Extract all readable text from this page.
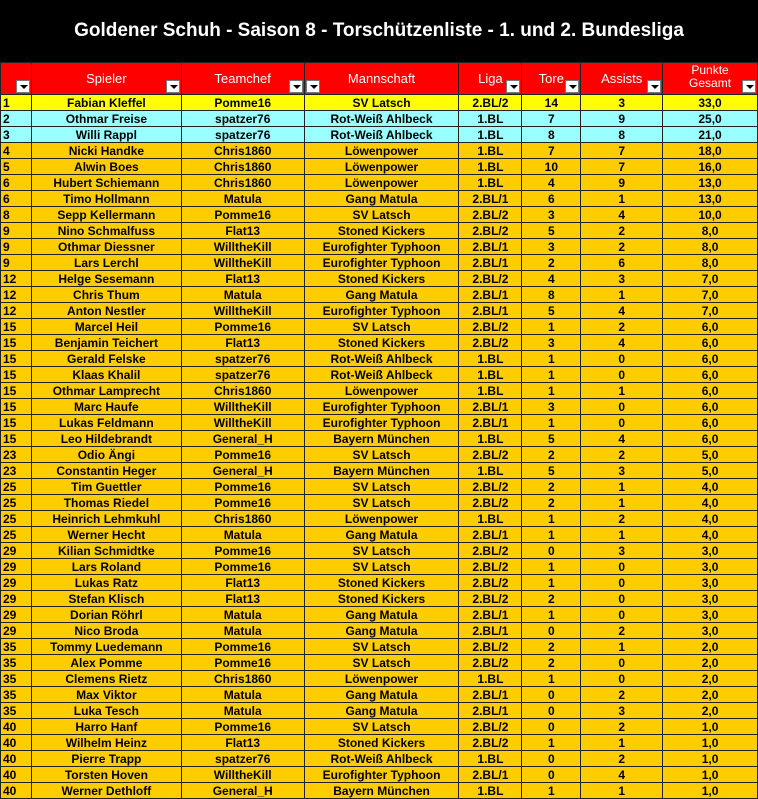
Goldener Schuh - Saison 8 - Torschützenliste - 1. und 2. Bundesliga
	Spieler	Teamchef	Mannschaft	Liga	Tore	Assists	Punkte
Gesamt

1	Fabian Kleffel	Pomme16	SV Latsch	2.BL/2	14	3	33,0
2	Othmar Freise	spatzer76	Rot-Weiß Ahlbeck	1.BL	7	9	25,0
3	Willi Rappl	spatzer76	Rot-Weiß Ahlbeck	1.BL	8	8	21,0
4	Nicki Handke	Chris1860	Löwenpower	1.BL	7	7	18,0
5	Alwin Boes	Chris1860	Löwenpower	1.BL	10	7	16,0
6	Hubert Schiemann	Chris1860	Löwenpower	1.BL	4	9	13,0
6	Timo Hollmann	Matula	Gang Matula	2.BL/1	6	1	13,0
8	Sepp Kellermann	Pomme16	SV Latsch	2.BL/2	3	4	10,0
9	Nino Schmalfuss	Flat13	Stoned Kickers	2.BL/2	5	2	8,0
9	Othmar Diessner	WilltheKill	Eurofighter Typhoon	2.BL/1	3	2	8,0
9	Lars Lerchl	WilltheKill	Eurofighter Typhoon	2.BL/1	2	6	8,0
12	Helge Sesemann	Flat13	Stoned Kickers	2.BL/2	4	3	7,0
12	Chris Thum	Matula	Gang Matula	2.BL/1	8	1	7,0
12	Anton Nestler	WilltheKill	Eurofighter Typhoon	2.BL/1	5	4	7,0
15	Marcel Heil	Pomme16	SV Latsch	2.BL/2	1	2	6,0
15	Benjamin Teichert	Flat13	Stoned Kickers	2.BL/2	3	4	6,0
15	Gerald Felske	spatzer76	Rot-Weiß Ahlbeck	1.BL	1	0	6,0
15	Klaas Khalil	spatzer76	Rot-Weiß Ahlbeck	1.BL	1	0	6,0
15	Othmar Lamprecht	Chris1860	Löwenpower	1.BL	1	1	6,0
15	Marc Haufe	WilltheKill	Eurofighter Typhoon	2.BL/1	3	0	6,0
15	Lukas Feldmann	WilltheKill	Eurofighter Typhoon	2.BL/1	1	0	6,0
15	Leo Hildebrandt	General_H	Bayern München	1.BL	5	4	6,0
23	Odio Ängi	Pomme16	SV Latsch	2.BL/2	2	2	5,0
23	Constantin Heger	General_H	Bayern München	1.BL	5	3	5,0
25	Tim Guettler	Pomme16	SV Latsch	2.BL/2	2	1	4,0
25	Thomas Riedel	Pomme16	SV Latsch	2.BL/2	2	1	4,0
25	Heinrich Lehmkuhl	Chris1860	Löwenpower	1.BL	1	2	4,0
25	Werner Hecht	Matula	Gang Matula	2.BL/1	1	1	4,0
29	Kilian Schmidtke	Pomme16	SV Latsch	2.BL/2	0	3	3,0
29	Lars Roland	Pomme16	SV Latsch	2.BL/2	1	0	3,0
29	Lukas Ratz	Flat13	Stoned Kickers	2.BL/2	1	0	3,0
29	Stefan Klisch	Flat13	Stoned Kickers	2.BL/2	2	0	3,0
29	Dorian Röhrl	Matula	Gang Matula	2.BL/1	1	0	3,0
29	Nico Broda	Matula	Gang Matula	2.BL/1	0	2	3,0
35	Tommy Luedemann	Pomme16	SV Latsch	2.BL/2	2	1	2,0
35	Alex Pomme	Pomme16	SV Latsch	2.BL/2	2	0	2,0
35	Clemens Rietz	Chris1860	Löwenpower	1.BL	1	0	2,0
35	Max Viktor	Matula	Gang Matula	2.BL/1	0	2	2,0
35	Luka Tesch	Matula	Gang Matula	2.BL/1	0	3	2,0
40	Harro Hanf	Pomme16	SV Latsch	2.BL/2	0	2	1,0
40	Wilhelm Heinz	Flat13	Stoned Kickers	2.BL/2	1	1	1,0
40	Pierre Trapp	spatzer76	Rot-Weiß Ahlbeck	1.BL	0	2	1,0
40	Torsten Hoven	WilltheKill	Eurofighter Typhoon	2.BL/1	0	4	1,0
40	Werner Dethloff	General_H	Bayern München	1.BL	1	1	1,0
